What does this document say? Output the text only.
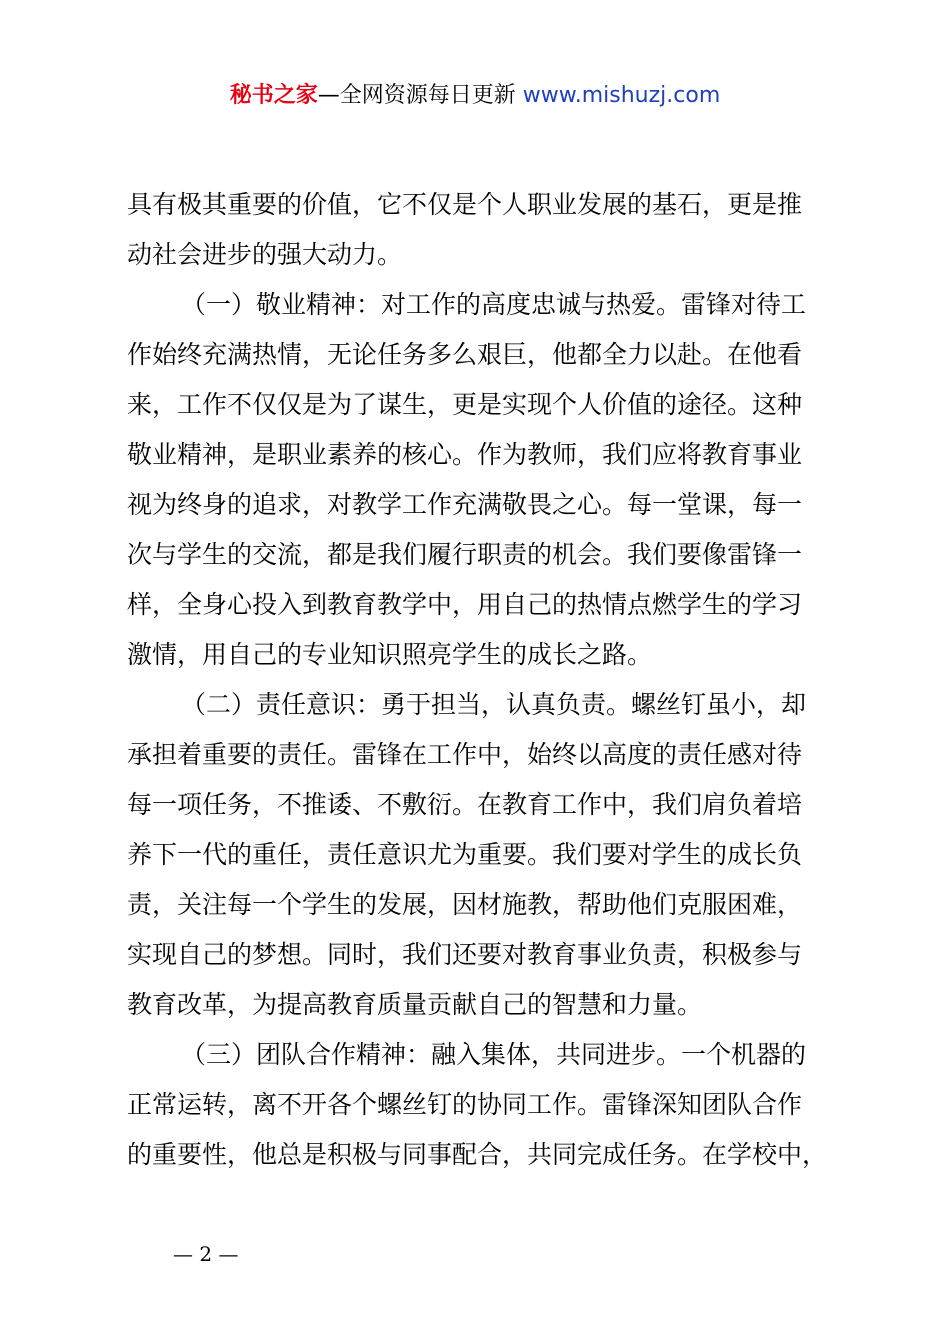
秘书之家—全网资源每日更新 www.mishuzj.com
具有极其重要的价值，它不仅是个人职业发展的基石，更是推
动社会进步的强大动力。
（一）敬业精神：对工作的高度忠诚与热爱。雷锋对待工
作始终充满热情，无论任务多么艰巨，他都全力以赴。在他看
来，工作不仅仅是为了谋生，更是实现个人价值的途径。这种
敬业精神，是职业素养的核心。作为教师，我们应将教育事业
视为终身的追求，对教学工作充满敬畏之心。每一堂课，每一
次与学生的交流，都是我们履行职责的机会。我们要像雷锋一
样，全身心投入到教育教学中，用自己的热情点燃学生的学习
激情，用自己的专业知识照亮学生的成长之路。
（二）责任意识：勇于担当，认真负责。螺丝钉虽小，却
承担着重要的责任。雷锋在工作中，始终以高度的责任感对待
每一项任务，不推诿、不敷衍。在教育工作中，我们肩负着培
养下一代的重任，责任意识尤为重要。我们要对学生的成长负
责，关注每一个学生的发展，因材施教，帮助他们克服困难，
实现自己的梦想。同时，我们还要对教育事业负责，积极参与
教育改革，为提高教育质量贡献自己的智慧和力量。
（三）团队合作精神：融入集体，共同进步。一个机器的
正常运转，离不开各个螺丝钉的协同工作。雷锋深知团队合作
的重要性，他总是积极与同事配合，共同完成任务。在学校中，
— 2 —
